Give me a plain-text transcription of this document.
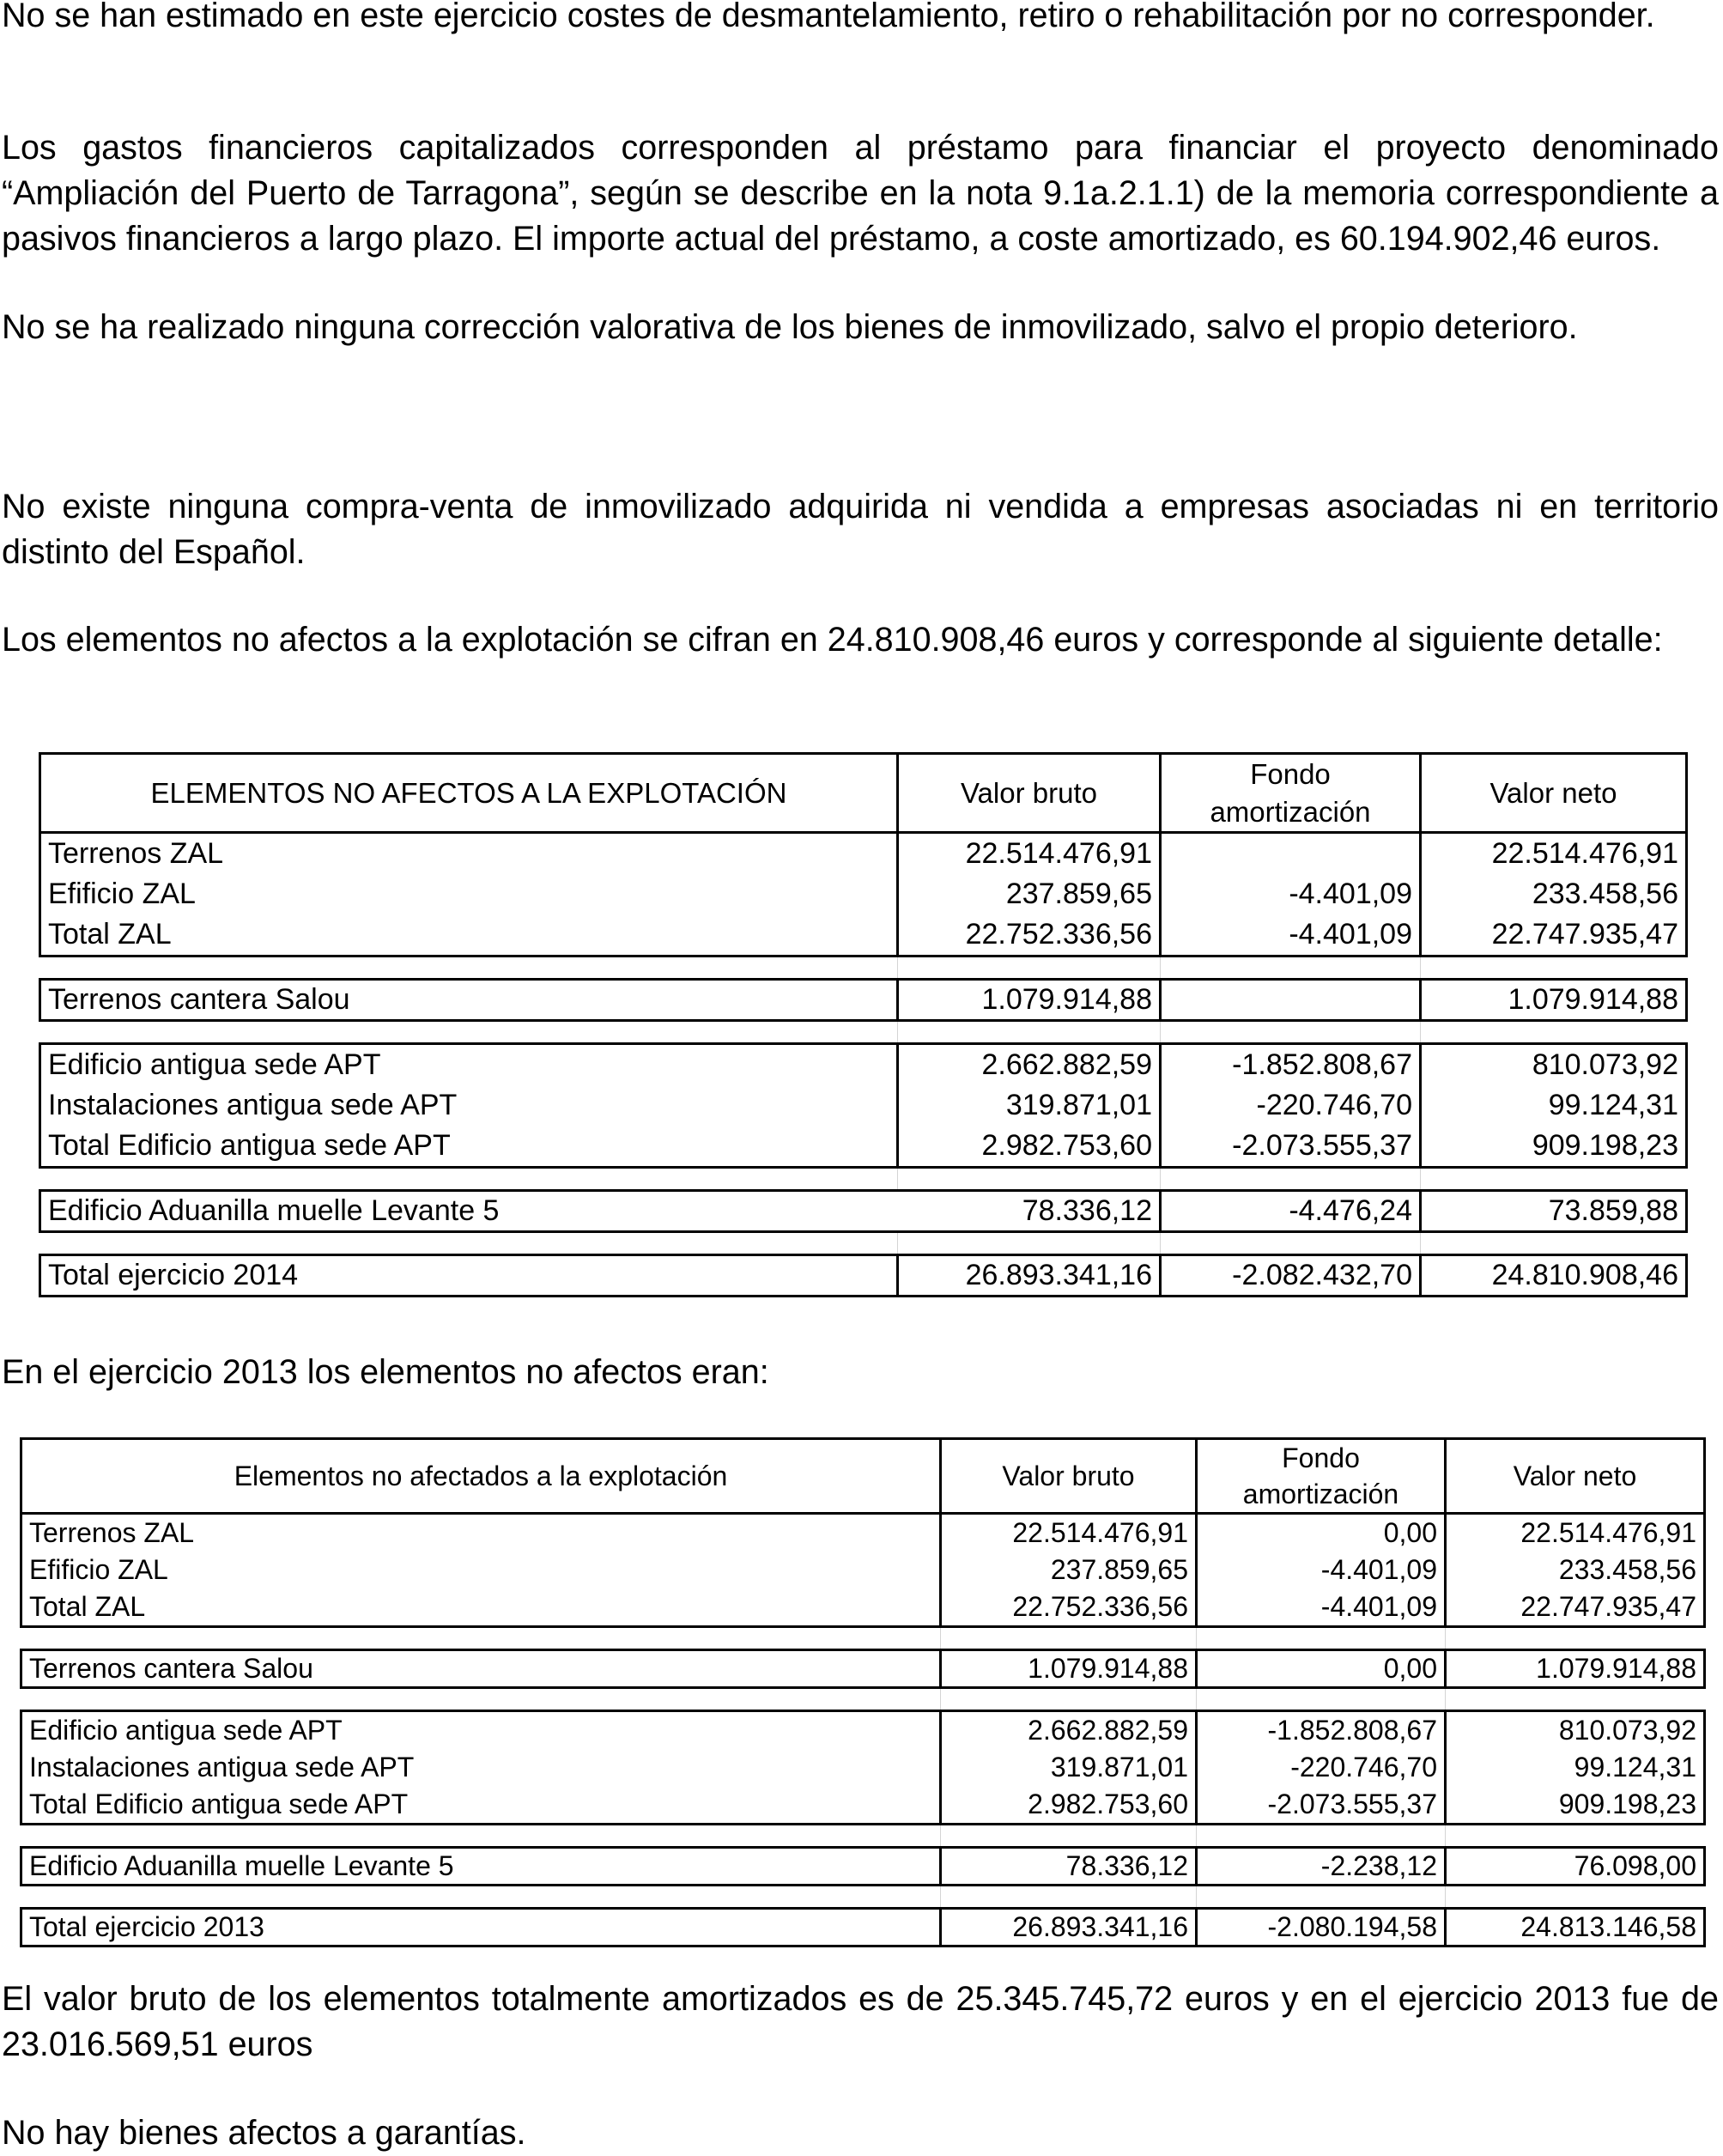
No se han estimado en este ejercicio costes de desmantelamiento, retiro o rehabilitación por no corresponder.

Los gastos financieros capitalizados corresponden al préstamo para financiar el proyecto denominado “Ampliación del Puerto de Tarragona”, según se describe en la nota 9.1a.2.1.1) de la memoria correspondiente a pasivos financieros a largo plazo. El importe actual del préstamo, a coste amortizado, es 60.194.902,46 euros.

No se ha realizado ninguna corrección valorativa de los bienes de inmovilizado, salvo el propio deterioro.

No existe ninguna compra-venta de inmovilizado adquirida ni vendida a empresas asociadas ni en territorio distinto del Español.

Los elementos no afectos a la explotación se cifran en 24.810.908,46 euros y corresponde al siguiente detalle:

ELEMENTOS NO AFECTOS A LA EXPLOTACIÓN	Valor bruto	Fondo
amortización	Valor neto
Terrenos ZAL	22.514.476,91		22.514.476,91
Efificio ZAL	237.859,65	-4.401,09	233.458,56
Total ZAL	22.752.336,56	-4.401,09	22.747.935,47

Terrenos cantera Salou	1.079.914,88		1.079.914,88

Edificio antigua sede APT	2.662.882,59	-1.852.808,67	810.073,92
Instalaciones antigua sede APT	319.871,01	-220.746,70	99.124,31
Total Edificio antigua sede APT	2.982.753,60	-2.073.555,37	909.198,23

Edificio Aduanilla muelle Levante 5	78.336,12	-4.476,24	73.859,88

Total ejercicio 2014	26.893.341,16	-2.082.432,70	24.810.908,46

En el ejercicio 2013 los elementos no afectos eran:

Elementos no afectados a la explotación	Valor bruto	Fondo
amortización	Valor neto
Terrenos ZAL	22.514.476,91	0,00	22.514.476,91
Efificio ZAL	237.859,65	-4.401,09	233.458,56
Total ZAL	22.752.336,56	-4.401,09	22.747.935,47

Terrenos cantera Salou	1.079.914,88	0,00	1.079.914,88

Edificio antigua sede APT	2.662.882,59	-1.852.808,67	810.073,92
Instalaciones antigua sede APT	319.871,01	-220.746,70	99.124,31
Total Edificio antigua sede APT	2.982.753,60	-2.073.555,37	909.198,23

Edificio Aduanilla muelle Levante 5	78.336,12	-2.238,12	76.098,00

Total ejercicio 2013	26.893.341,16	-2.080.194,58	24.813.146,58

El valor bruto de los elementos totalmente amortizados es de 25.345.745,72 euros y en el ejercicio 2013 fue de 23.016.569,51 euros

No hay bienes afectos a garantías.
